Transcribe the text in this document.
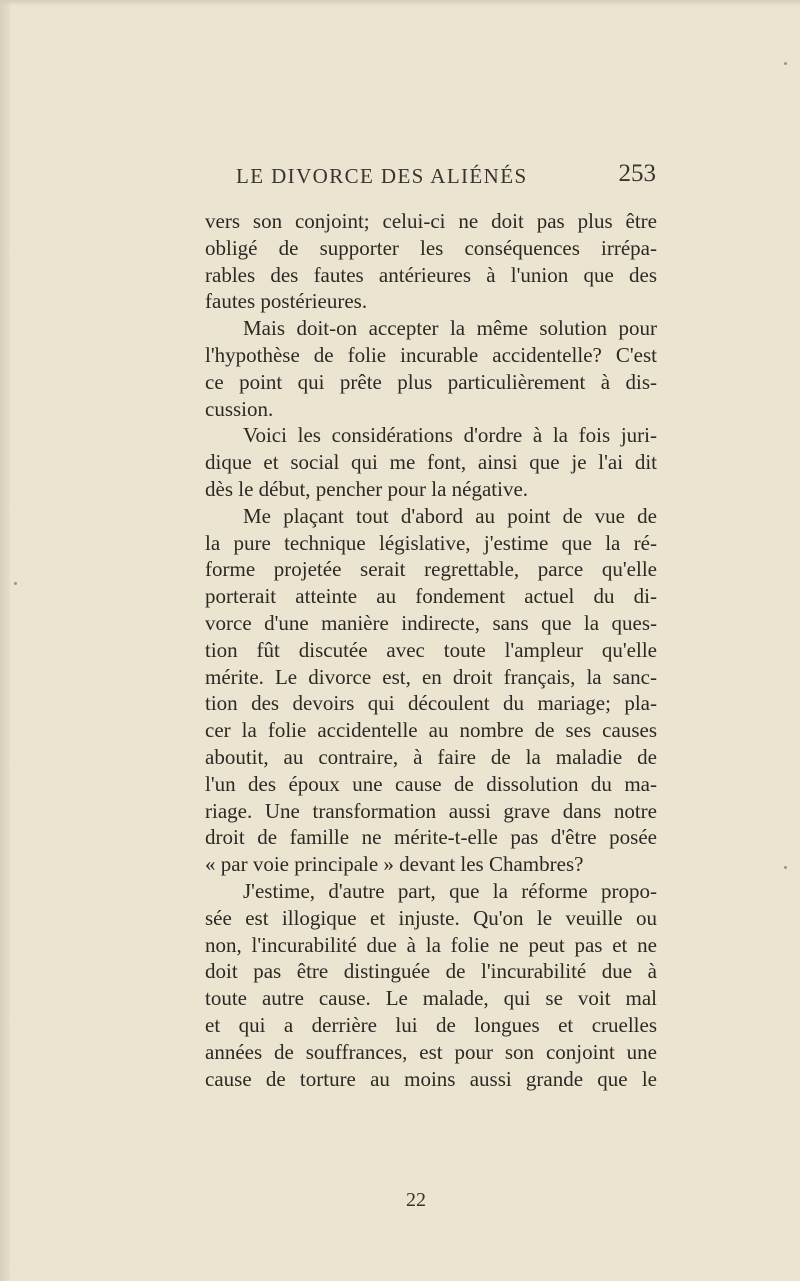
LE DIVORCE DES ALIÉNÉS	253
vers son conjoint; celui-ci ne doit pas plus être
obligé de supporter les conséquences irrépa-
rables des fautes antérieures à l'union que des
fautes postérieures.
Mais doit-on accepter la même solution pour
l'hypothèse de folie incurable accidentelle? C'est
ce point qui prête plus particulièrement à dis-
cussion.
Voici les considérations d'ordre à la fois juri-
dique et social qui me font, ainsi que je l'ai dit
dès le début, pencher pour la négative.
Me plaçant tout d'abord au point de vue de
la pure technique législative, j'estime que la ré-
forme projetée serait regrettable, parce qu'elle
porterait atteinte au fondement actuel du di-
vorce d'une manière indirecte, sans que la ques-
tion fût discutée avec toute l'ampleur qu'elle
mérite. Le divorce est, en droit français, la sanc-
tion des devoirs qui découlent du mariage; pla-
cer la folie accidentelle au nombre de ses causes
aboutit, au contraire, à faire de la maladie de
l'un des époux une cause de dissolution du ma-
riage. Une transformation aussi grave dans notre
droit de famille ne mérite-t-elle pas d'être posée
« par voie principale » devant les Chambres?
J'estime, d'autre part, que la réforme propo-
sée est illogique et injuste. Qu'on le veuille ou
non, l'incurabilité due à la folie ne peut pas et ne
doit pas être distinguée de l'incurabilité due à
toute autre cause. Le malade, qui se voit mal
et qui a derrière lui de longues et cruelles
années de souffrances, est pour son conjoint une
cause de torture au moins aussi grande que le
22
